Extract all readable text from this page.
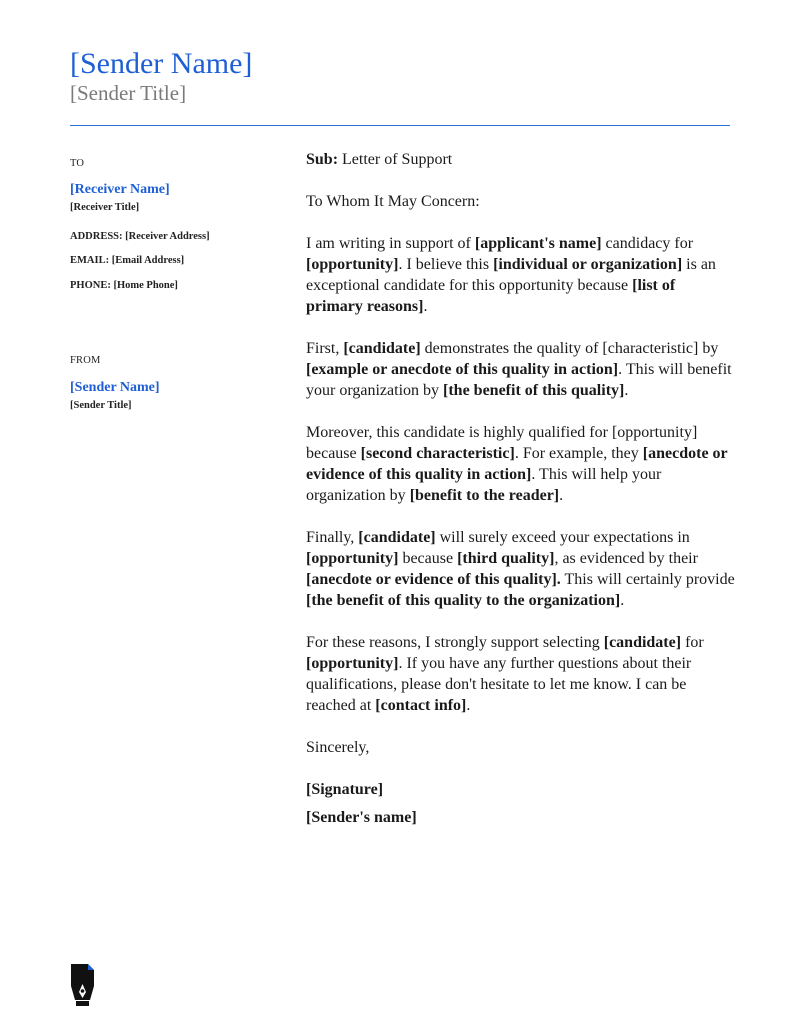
[Sender Name]
[Sender Title]
TO
[Receiver Name]
[Receiver Title]
ADDRESS: [Receiver Address]
EMAIL: [Email Address]
PHONE: [Home Phone]
FROM
[Sender Name]
[Sender Title]

Sub: Letter of Support

To Whom It May Concern:

I am writing in support of [applicant's name] candidacy for [opportunity]. I believe this [individual or organization] is an exceptional candidate for this opportunity because [list of primary reasons].

First, [candidate] demonstrates the quality of [characteristic] by [example or anecdote of this quality in action]. This will benefit your organization by [the benefit of this quality].

Moreover, this candidate is highly qualified for [opportunity] because [second characteristic]. For example, they [anecdote or evidence of this quality in action]. This will help your organization by [benefit to the reader].

Finally, [candidate] will surely exceed your expectations in [opportunity] because [third quality], as evidenced by their [anecdote or evidence of this quality]. This will certainly provide [the benefit of this quality to the organization].

For these reasons, I strongly support selecting [candidate] for [opportunity]. If you have any further questions about their qualifications, please don't hesitate to let me know. I can be reached at [contact info].

Sincerely,

[Signature]

[Sender's name]
